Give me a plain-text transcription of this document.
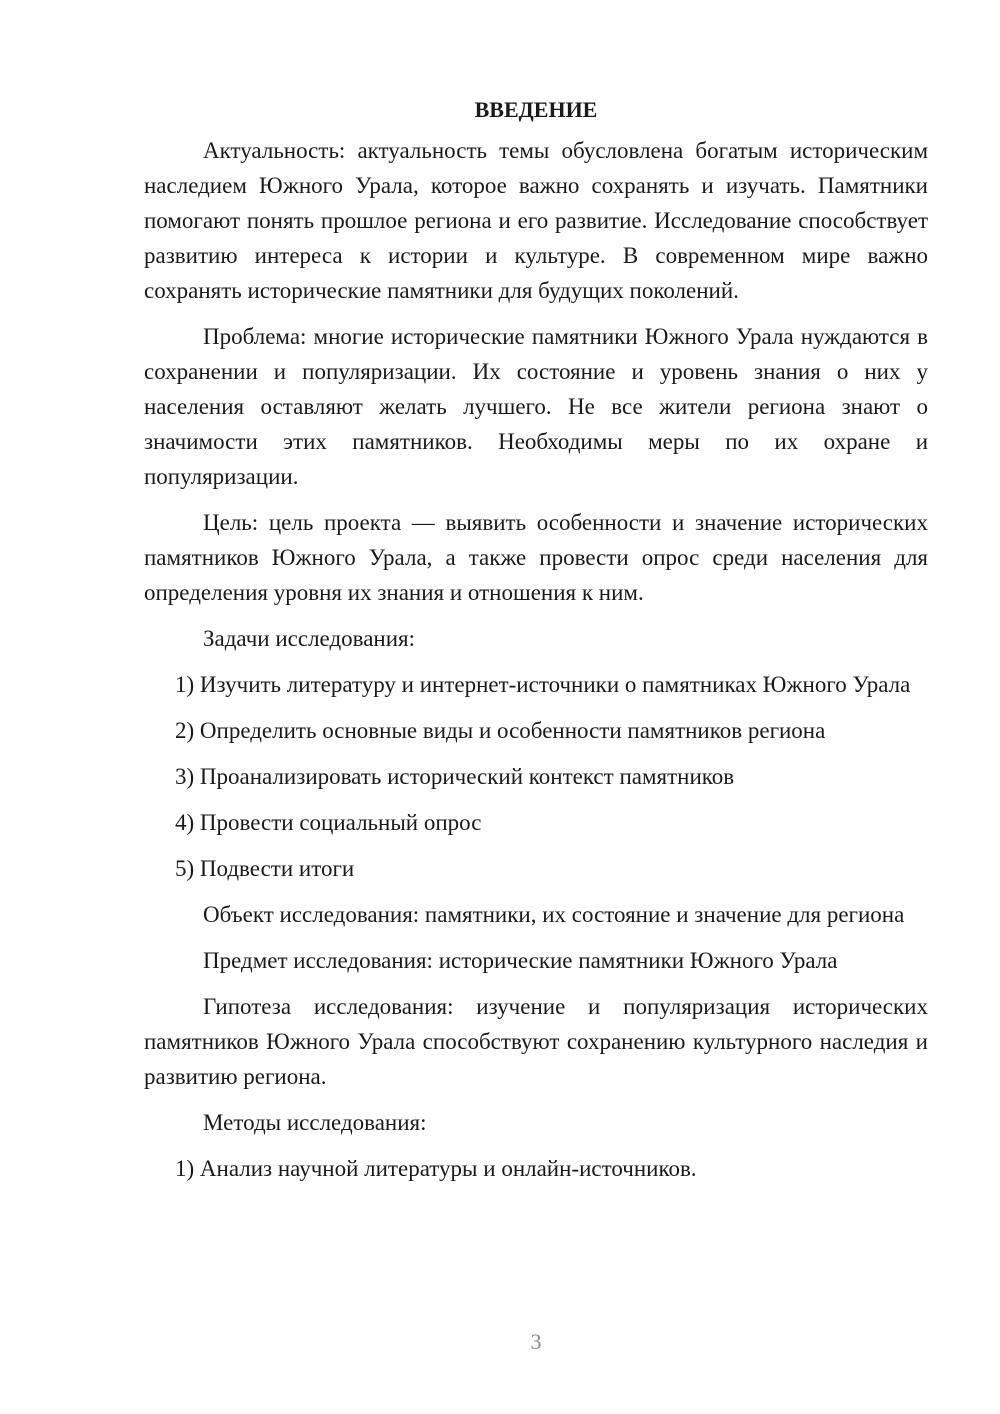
ВВЕДЕНИЕ

Актуальность: актуальность темы обусловлена богатым историческим наследием Южного Урала, которое важно сохранять и изучать. Памятники помогают понять прошлое региона и его развитие. Исследование способствует развитию интереса к истории и культуре. В современном мире важно сохранять исторические памятники для будущих поколений.

Проблема: многие исторические памятники Южного Урала нуждаются в сохранении и популяризации. Их состояние и уровень знания о них у населения оставляют желать лучшего. Не все жители региона знают о значимости этих памятников. Необходимы меры по их охране и популяризации.

Цель: цель проекта — выявить особенности и значение исторических памятников Южного Урала, а также провести опрос среди населения для определения уровня их знания и отношения к ним.

Задачи исследования:

1) Изучить литературу и интернет-источники о памятниках Южного Урала

2) Определить основные виды и особенности памятников региона

3) Проанализировать исторический контекст памятников

4) Провести социальный опрос

5) Подвести итоги

Объект исследования: памятники, их состояние и значение для региона

Предмет исследования: исторические памятники Южного Урала

Гипотеза исследования: изучение и популяризация исторических памятников Южного Урала способствуют сохранению культурного наследия и развитию региона.

Методы исследования:

1) Анализ научной литературы и онлайн-источников.

3
